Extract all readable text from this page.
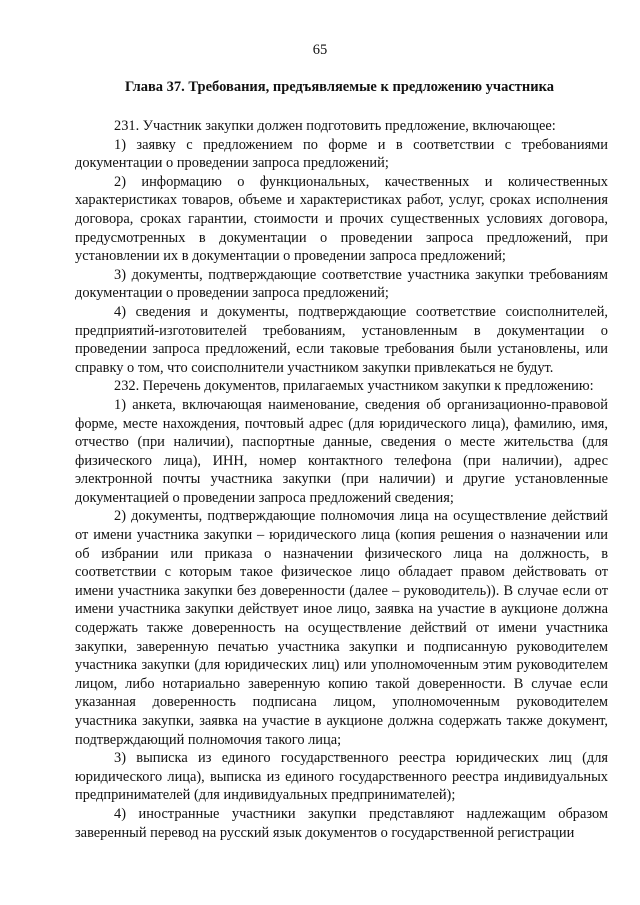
65
Глава 37. Требования, предъявляемые к предложению участника

231. Участник закупки должен подготовить предложение, включающее:

1) заявку с предложением по форме и в соответствии с требованиями документации о проведении запроса предложений;

2) информацию о функциональных, качественных и количественных характеристиках товаров, объеме и характеристиках работ, услуг, сроках исполнения договора, сроках гарантии, стоимости и прочих существенных условиях договора, предусмотренных в документации о проведении запроса предложений, при установлении их в документации о проведении запроса предложений;

3) документы, подтверждающие соответствие участника закупки требованиям документации о проведении запроса предложений;

4) сведения и документы, подтверждающие соответствие соисполнителей, предприятий-изготовителей требованиям, установленным в документации о проведении запроса предложений, если таковые требования были установлены, или справку о том, что соисполнители участником закупки привлекаться не будут.

232. Перечень документов, прилагаемых участником закупки к предложению:

1) анкета, включающая наименование, сведения об организационно-правовой форме, месте нахождения, почтовый адрес (для юридического лица), фамилию, имя, отчество (при наличии), паспортные данные, сведения о месте жительства (для физического лица), ИНН, номер контактного телефона (при наличии), адрес электронной почты участника закупки (при наличии) и другие установленные документацией о проведении запроса предложений сведения;

2) документы, подтверждающие полномочия лица на осуществление действий от имени участника закупки – юридического лица (копия решения о назначении или об избрании или приказа о назначении физического лица на должность, в соответствии с которым такое физическое лицо обладает правом действовать от имени участника закупки без доверенности (далее – руководитель)). В случае если от имени участника закупки действует иное лицо, заявка на участие в аукционе должна содержать также доверенность на осуществление действий от имени участника закупки, заверенную печатью участника закупки и подписанную руководителем участника закупки (для юридических лиц) или уполномоченным этим руководителем лицом, либо нотариально заверенную копию такой доверенности. В случае если указанная доверенность подписана лицом, уполномоченным руководителем участника закупки, заявка на участие в аукционе должна содержать также документ, подтверждающий полномочия такого лица;

3) выписка из единого государственного реестра юридических лиц (для юридического лица), выписка из единого государственного реестра индивидуальных предпринимателей (для индивидуальных предпринимателей);

4) иностранные участники закупки представляют надлежащим образом заверенный перевод на русский язык документов о государственной регистрации
